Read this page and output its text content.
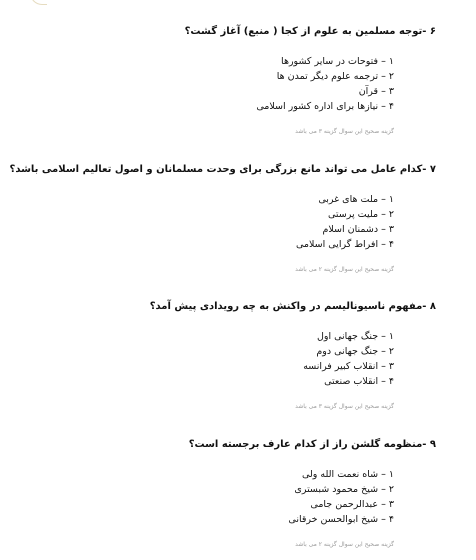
۶ -توجه مسلمین به علوم از کجا ( منبع) آغاز گشت؟

۱ – فتوحات در سایر کشورها
۲ – ترجمه علوم دیگر تمدن ها
۳ – قرآن
۴ – نیازها برای اداره کشور اسلامی
گزینه صحیح این سوال گزینه ۳ می باشد

۷ -کدام عامل می تواند مانع بزرگی برای وحدت مسلمانان و اصول تعالیم اسلامی باشد؟

۱ – ملت های غربی
۲ – ملیت پرستی
۳ – دشمنان اسلام
۴ – افراط گرایی اسلامی
گزینه صحیح این سوال گزینه ۲ می باشد

۸ -مفهوم ناسیونالیسم در واکنش به چه رویدادی پیش آمد؟

۱ – جنگ جهانی اول
۲ – جنگ جهانی دوم
۳ – انقلاب کبیر فرانسه
۴ – انقلاب صنعتی
گزینه صحیح این سوال گزینه ۳ می باشد

۹ -منظومه گلشن راز از کدام عارف برجسته است؟

۱ – شاه نعمت الله ولی
۲ – شیخ محمود شبستری
۳ – عبدالرحمن جامی
۴ – شیخ ابوالحسن خرقانی
گزینه صحیح این سوال گزینه ۲ می باشد
